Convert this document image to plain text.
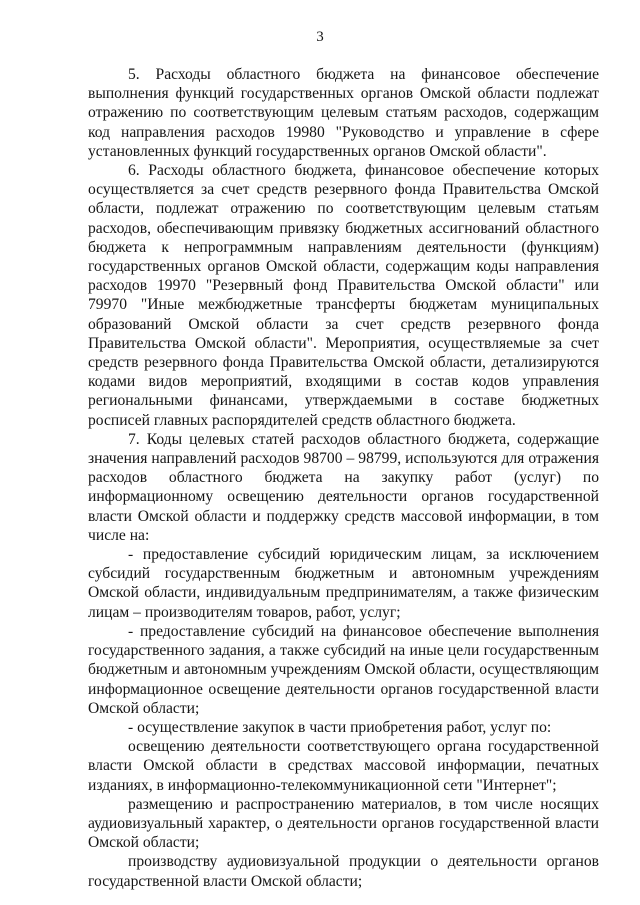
3

5. Расходы областного бюджета на финансовое обеспечение выполнения функций государственных органов Омской области подлежат отражению по соответствующим целевым статьям расходов, содержащим код направления расходов 19980 "Руководство и управление в сфере установленных функций государственных органов Омской области".

6. Расходы областного бюджета, финансовое обеспечение которых осуществляется за счет средств резервного фонда Правительства Омской области, подлежат отражению по соответствующим целевым статьям расходов, обеспечивающим привязку бюджетных ассигнований областного бюджета к непрограммным направлениям деятельности (функциям) государственных органов Омской области, содержащим коды направления расходов 19970 "Резервный фонд Правительства Омской области" или 79970 "Иные межбюджетные трансферты бюджетам муниципальных образований Омской области за счет средств резервного фонда Правительства Омской области". Мероприятия, осуществляемые за счет средств резервного фонда Правительства Омской области, детализируются кодами видов мероприятий, входящими в состав кодов управления региональными финансами, утверждаемыми в составе бюджетных росписей главных распорядителей средств областного бюджета.

7. Коды целевых статей расходов областного бюджета, содержащие значения направлений расходов 98700 – 98799, используются для отражения расходов областного бюджета на закупку работ (услуг) по информационному освещению деятельности органов государственной власти Омской области и поддержку средств массовой информации, в том числе на:

- предоставление субсидий юридическим лицам, за исключением субсидий государственным бюджетным и автономным учреждениям Омской области, индивидуальным предпринимателям, а также физическим лицам – производителям товаров, работ, услуг;

- предоставление субсидий на финансовое обеспечение выполнения государственного задания, а также субсидий на иные цели государственным бюджетным и автономным учреждениям Омской области, осуществляющим информационное освещение деятельности органов государственной власти Омской области;

- осуществление закупок в части приобретения работ, услуг по:

освещению деятельности соответствующего органа государственной власти Омской области в средствах массовой информации, печатных изданиях, в информационно-телекоммуникационной сети "Интернет";

размещению и распространению материалов, в том числе носящих аудиовизуальный характер, о деятельности органов государственной власти Омской области;

производству аудиовизуальной продукции о деятельности органов государственной власти Омской области;
